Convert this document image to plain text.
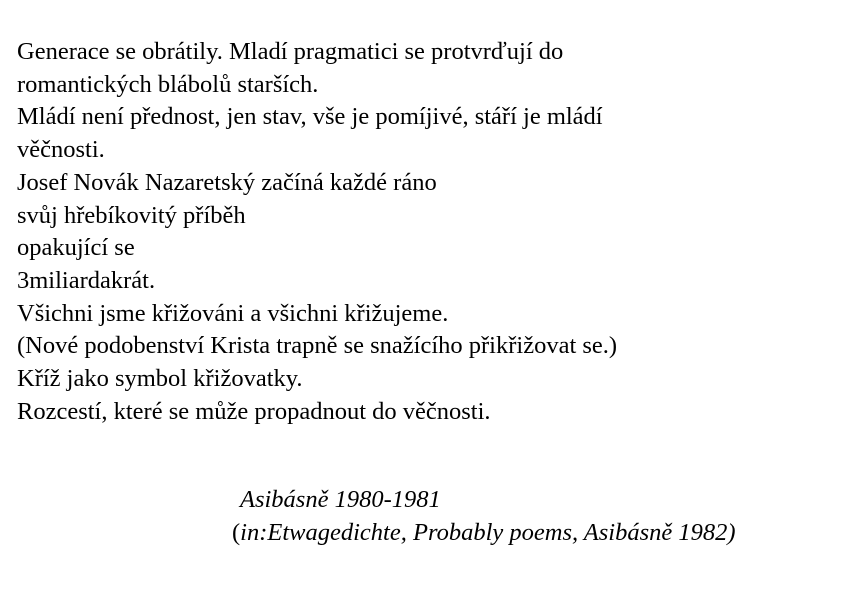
Generace se obrátily. Mladí pragmatici se protvrďují do
romantických blábolů starších.
Mládí není přednost, jen stav, vše je pomíjivé, stáří je mládí
věčnosti.
Josef Novák Nazaretský začíná každé ráno
svůj hřebíkovitý příběh
opakující se
3miliardakrát.
Všichni jsme křižováni a všichni křižujeme.
(Nové podobenství Krista trapně se snažícího přikřižovat se.)
Kříž jako symbol křižovatky.
Rozcestí, které se může propadnout do věčnosti.
Asibásně 1980-1981
(in:Etwagedichte, Probably poems, Asibásně 1982)
